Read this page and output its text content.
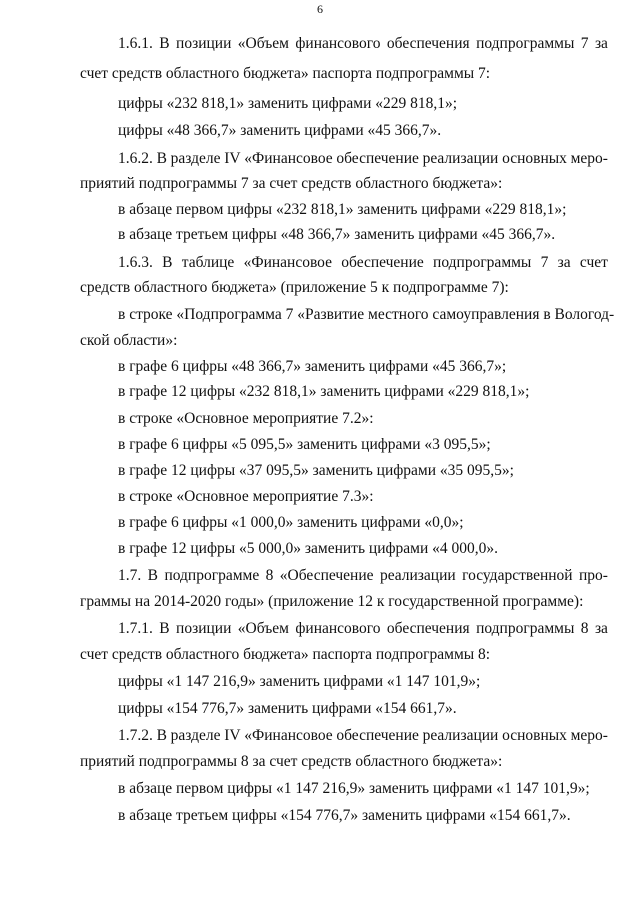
6
1.6.1. В позиции «Объем финансового обеспечения подпрограммы 7 за
счет средств областного бюджета» паспорта подпрограммы 7:
цифры «232 818,1» заменить цифрами «229 818,1»;
цифры «48 366,7» заменить цифрами «45 366,7».
1.6.2. В разделе IV «Финансовое обеспечение реализации основных меро-
приятий подпрограммы 7 за счет средств областного бюджета»:
в абзаце первом цифры «232 818,1» заменить цифрами «229 818,1»;
в абзаце третьем цифры «48 366,7» заменить цифрами «45 366,7».
1.6.3. В таблице «Финансовое обеспечение подпрограммы 7 за счет
средств областного бюджета» (приложение 5 к подпрограмме 7):
в строке «Подпрограмма 7 «Развитие местного самоуправления в Вологод-
ской области»:
в графе 6 цифры «48 366,7» заменить цифрами «45 366,7»;
в графе 12 цифры «232 818,1» заменить цифрами «229 818,1»;
в строке «Основное мероприятие 7.2»:
в графе 6 цифры «5 095,5» заменить цифрами «3 095,5»;
в графе 12 цифры «37 095,5» заменить цифрами «35 095,5»;
в строке «Основное мероприятие 7.3»:
в графе 6 цифры «1 000,0» заменить цифрами «0,0»;
в графе 12 цифры «5 000,0» заменить цифрами «4 000,0».
1.7. В подпрограмме 8 «Обеспечение реализации государственной про-
граммы на 2014-2020 годы» (приложение 12 к государственной программе):
1.7.1. В позиции «Объем финансового обеспечения подпрограммы 8 за
счет средств областного бюджета» паспорта подпрограммы 8:
цифры «1 147 216,9» заменить цифрами «1 147 101,9»;
цифры «154 776,7» заменить цифрами «154 661,7».
1.7.2. В разделе IV «Финансовое обеспечение реализации основных меро-
приятий подпрограммы 8 за счет средств областного бюджета»:
в абзаце первом цифры «1 147 216,9» заменить цифрами «1 147 101,9»;
в абзаце третьем цифры «154 776,7» заменить цифрами «154 661,7».
